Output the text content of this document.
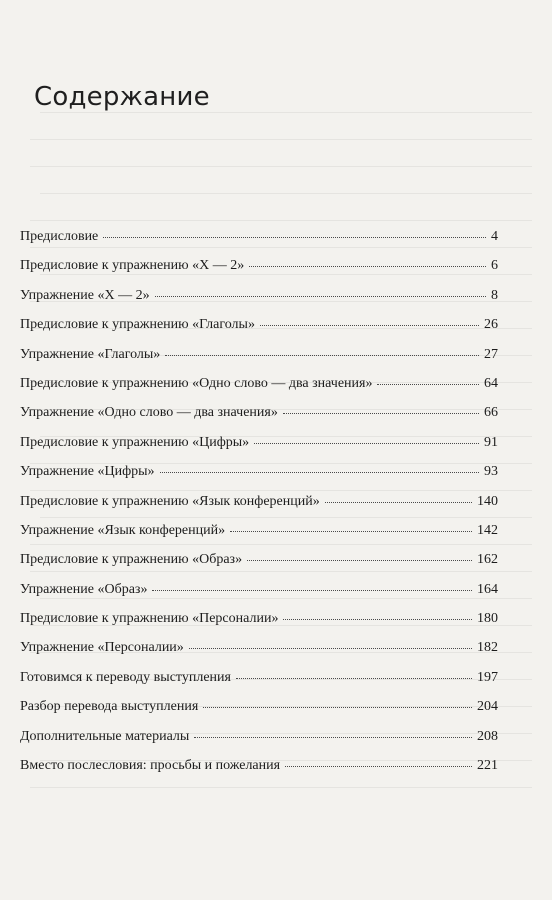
Содержание
Предисловие	4
Предисловие к упражнению «Х — 2»	6
Упражнение «Х — 2»	8
Предисловие к упражнению «Глаголы»	26
Упражнение «Глаголы»	27
Предисловие к упражнению «Одно слово — два значения»	64
Упражнение «Одно слово — два значения»	66
Предисловие к упражнению «Цифры»	91
Упражнение «Цифры»	93
Предисловие к упражнению «Язык конференций»	140
Упражнение «Язык конференций»	142
Предисловие к упражнению «Образ»	162
Упражнение «Образ»	164
Предисловие к упражнению «Персоналии»	180
Упражнение «Персоналии»	182
Готовимся к переводу выступления	197
Разбор перевода выступления	204
Дополнительные материалы	208
Вместо послесловия: просьбы и пожелания	221
